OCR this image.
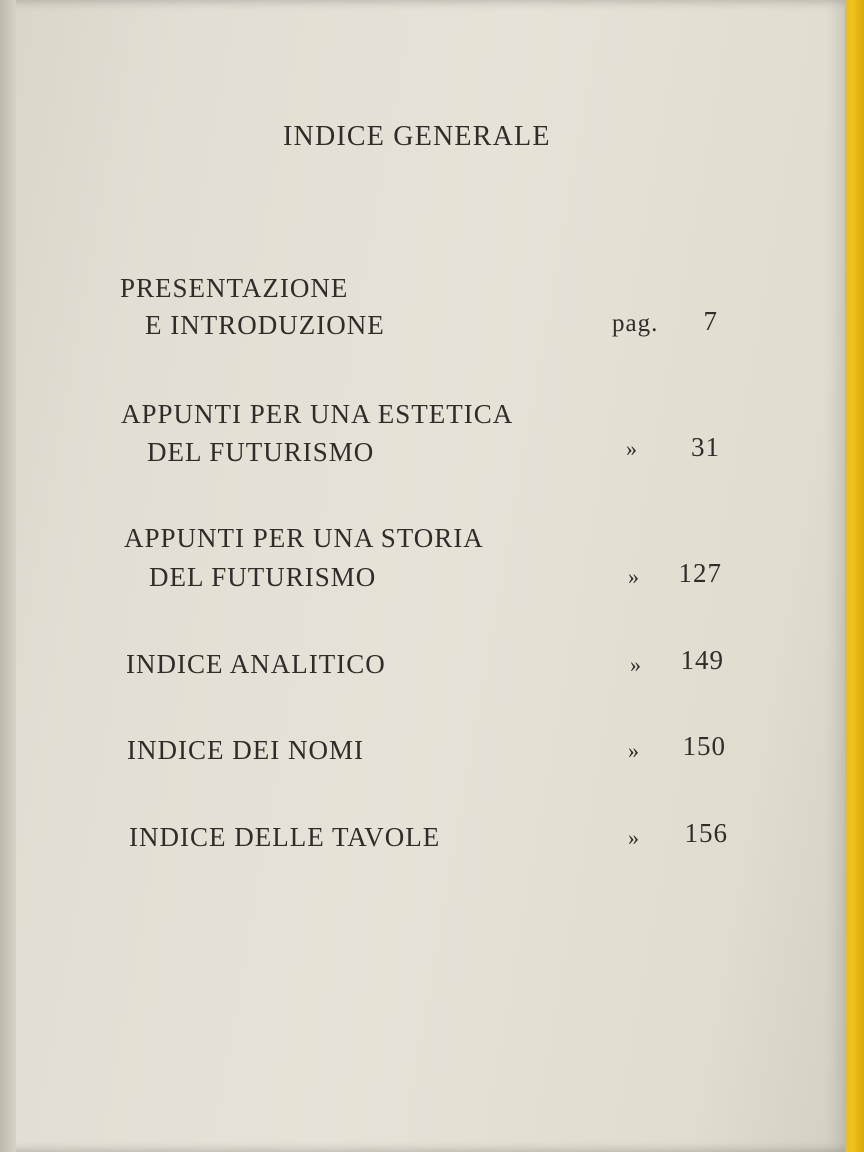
INDICE GENERALE
PRESENTAZIONE
E INTRODUZIONE	pag.	7
APPUNTI PER UNA ESTETICA
DEL FUTURISMO	»	31
APPUNTI PER UNA STORIA
DEL FUTURISMO	»	127
INDICE ANALITICO	»	149
INDICE DEI NOMI	»	150
INDICE DELLE TAVOLE	»	156
